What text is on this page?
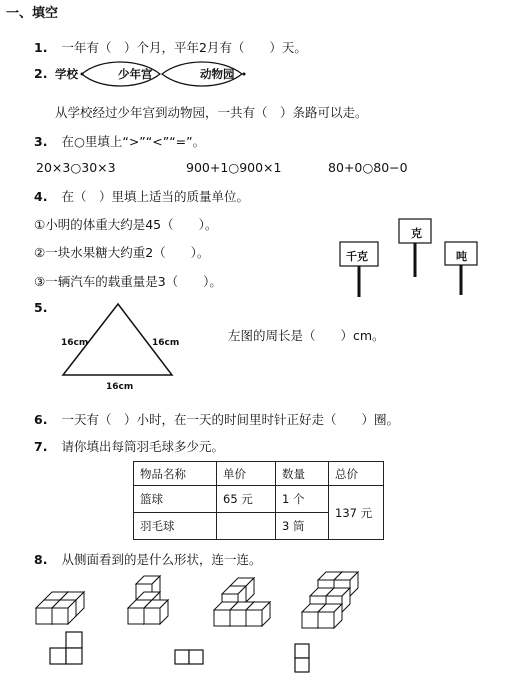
一、填空
1. 一年有（　）个月，平年2月有（　　）天。
2. 学校	少年宫	动物园
从学校经过少年宫到动物园，一共有（　）条路可以走。
3. 在○里填上“>”“<”“=”。
20×3○30×3	900+1○900×1	80+0○80−0
4. 在（　）里填上适当的质量单位。
①小明的体重大约是45（　　）。
②一块水果糖大约重2（　　）。
③一辆汽车的载重量是3（　　）。
克
千克	吨
5.
16cm	16cm
16cm
左图的周长是（　　）cm。
6. 一天有（　）小时，在一天的时间里时针正好走（　　）圈。
7. 请你填出每筒羽毛球多少元。
物品名称	单价	数量	总价
篮球	65 元	1 个	137 元
羽毛球		3 筒	
8. 从侧面看到的是什么形状，连一连。
